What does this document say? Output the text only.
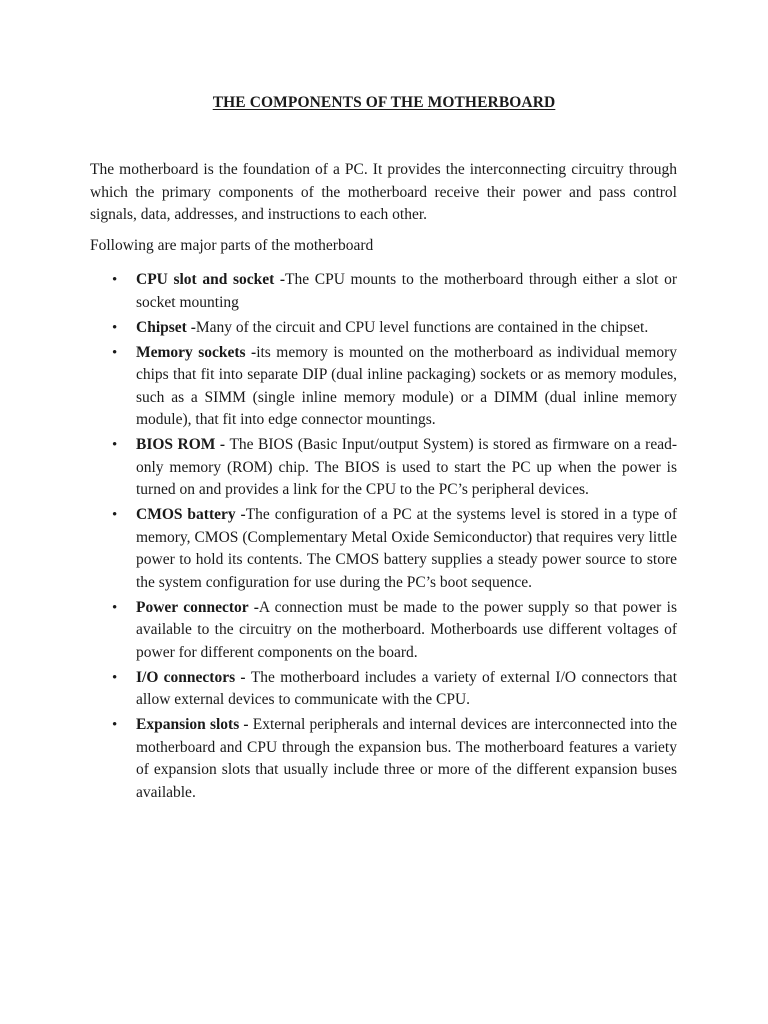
THE COMPONENTS OF THE MOTHERBOARD

The motherboard is the foundation of a PC. It provides the interconnecting circuitry through which the primary components of the motherboard receive their power and pass control signals, data, addresses, and instructions to each other.

Following are major parts of the motherboard

• CPU slot and socket -The CPU mounts to the motherboard through either a slot or socket mounting
• Chipset -Many of the circuit and CPU level functions are contained in the chipset.
• Memory sockets -its memory is mounted on the motherboard as individual memory chips that fit into separate DIP (dual inline packaging) sockets or as memory modules, such as a SIMM (single inline memory module) or a DIMM (dual inline memory module), that fit into edge connector mountings.
• BIOS ROM - The BIOS (Basic Input/output System) is stored as firmware on a read-only memory (ROM) chip. The BIOS is used to start the PC up when the power is turned on and provides a link for the CPU to the PC’s peripheral devices.
• CMOS battery -The configuration of a PC at the systems level is stored in a type of memory, CMOS (Complementary Metal Oxide Semiconductor) that requires very little power to hold its contents. The CMOS battery supplies a steady power source to store the system configuration for use during the PC’s boot sequence.
• Power connector -A connection must be made to the power supply so that power is available to the circuitry on the motherboard. Motherboards use different voltages of power for different components on the board.
• I/O connectors - The motherboard includes a variety of external I/O connectors that allow external devices to communicate with the CPU.
• Expansion slots - External peripherals and internal devices are interconnected into the motherboard and CPU through the expansion bus. The motherboard features a variety of expansion slots that usually include three or more of the different expansion buses available.
